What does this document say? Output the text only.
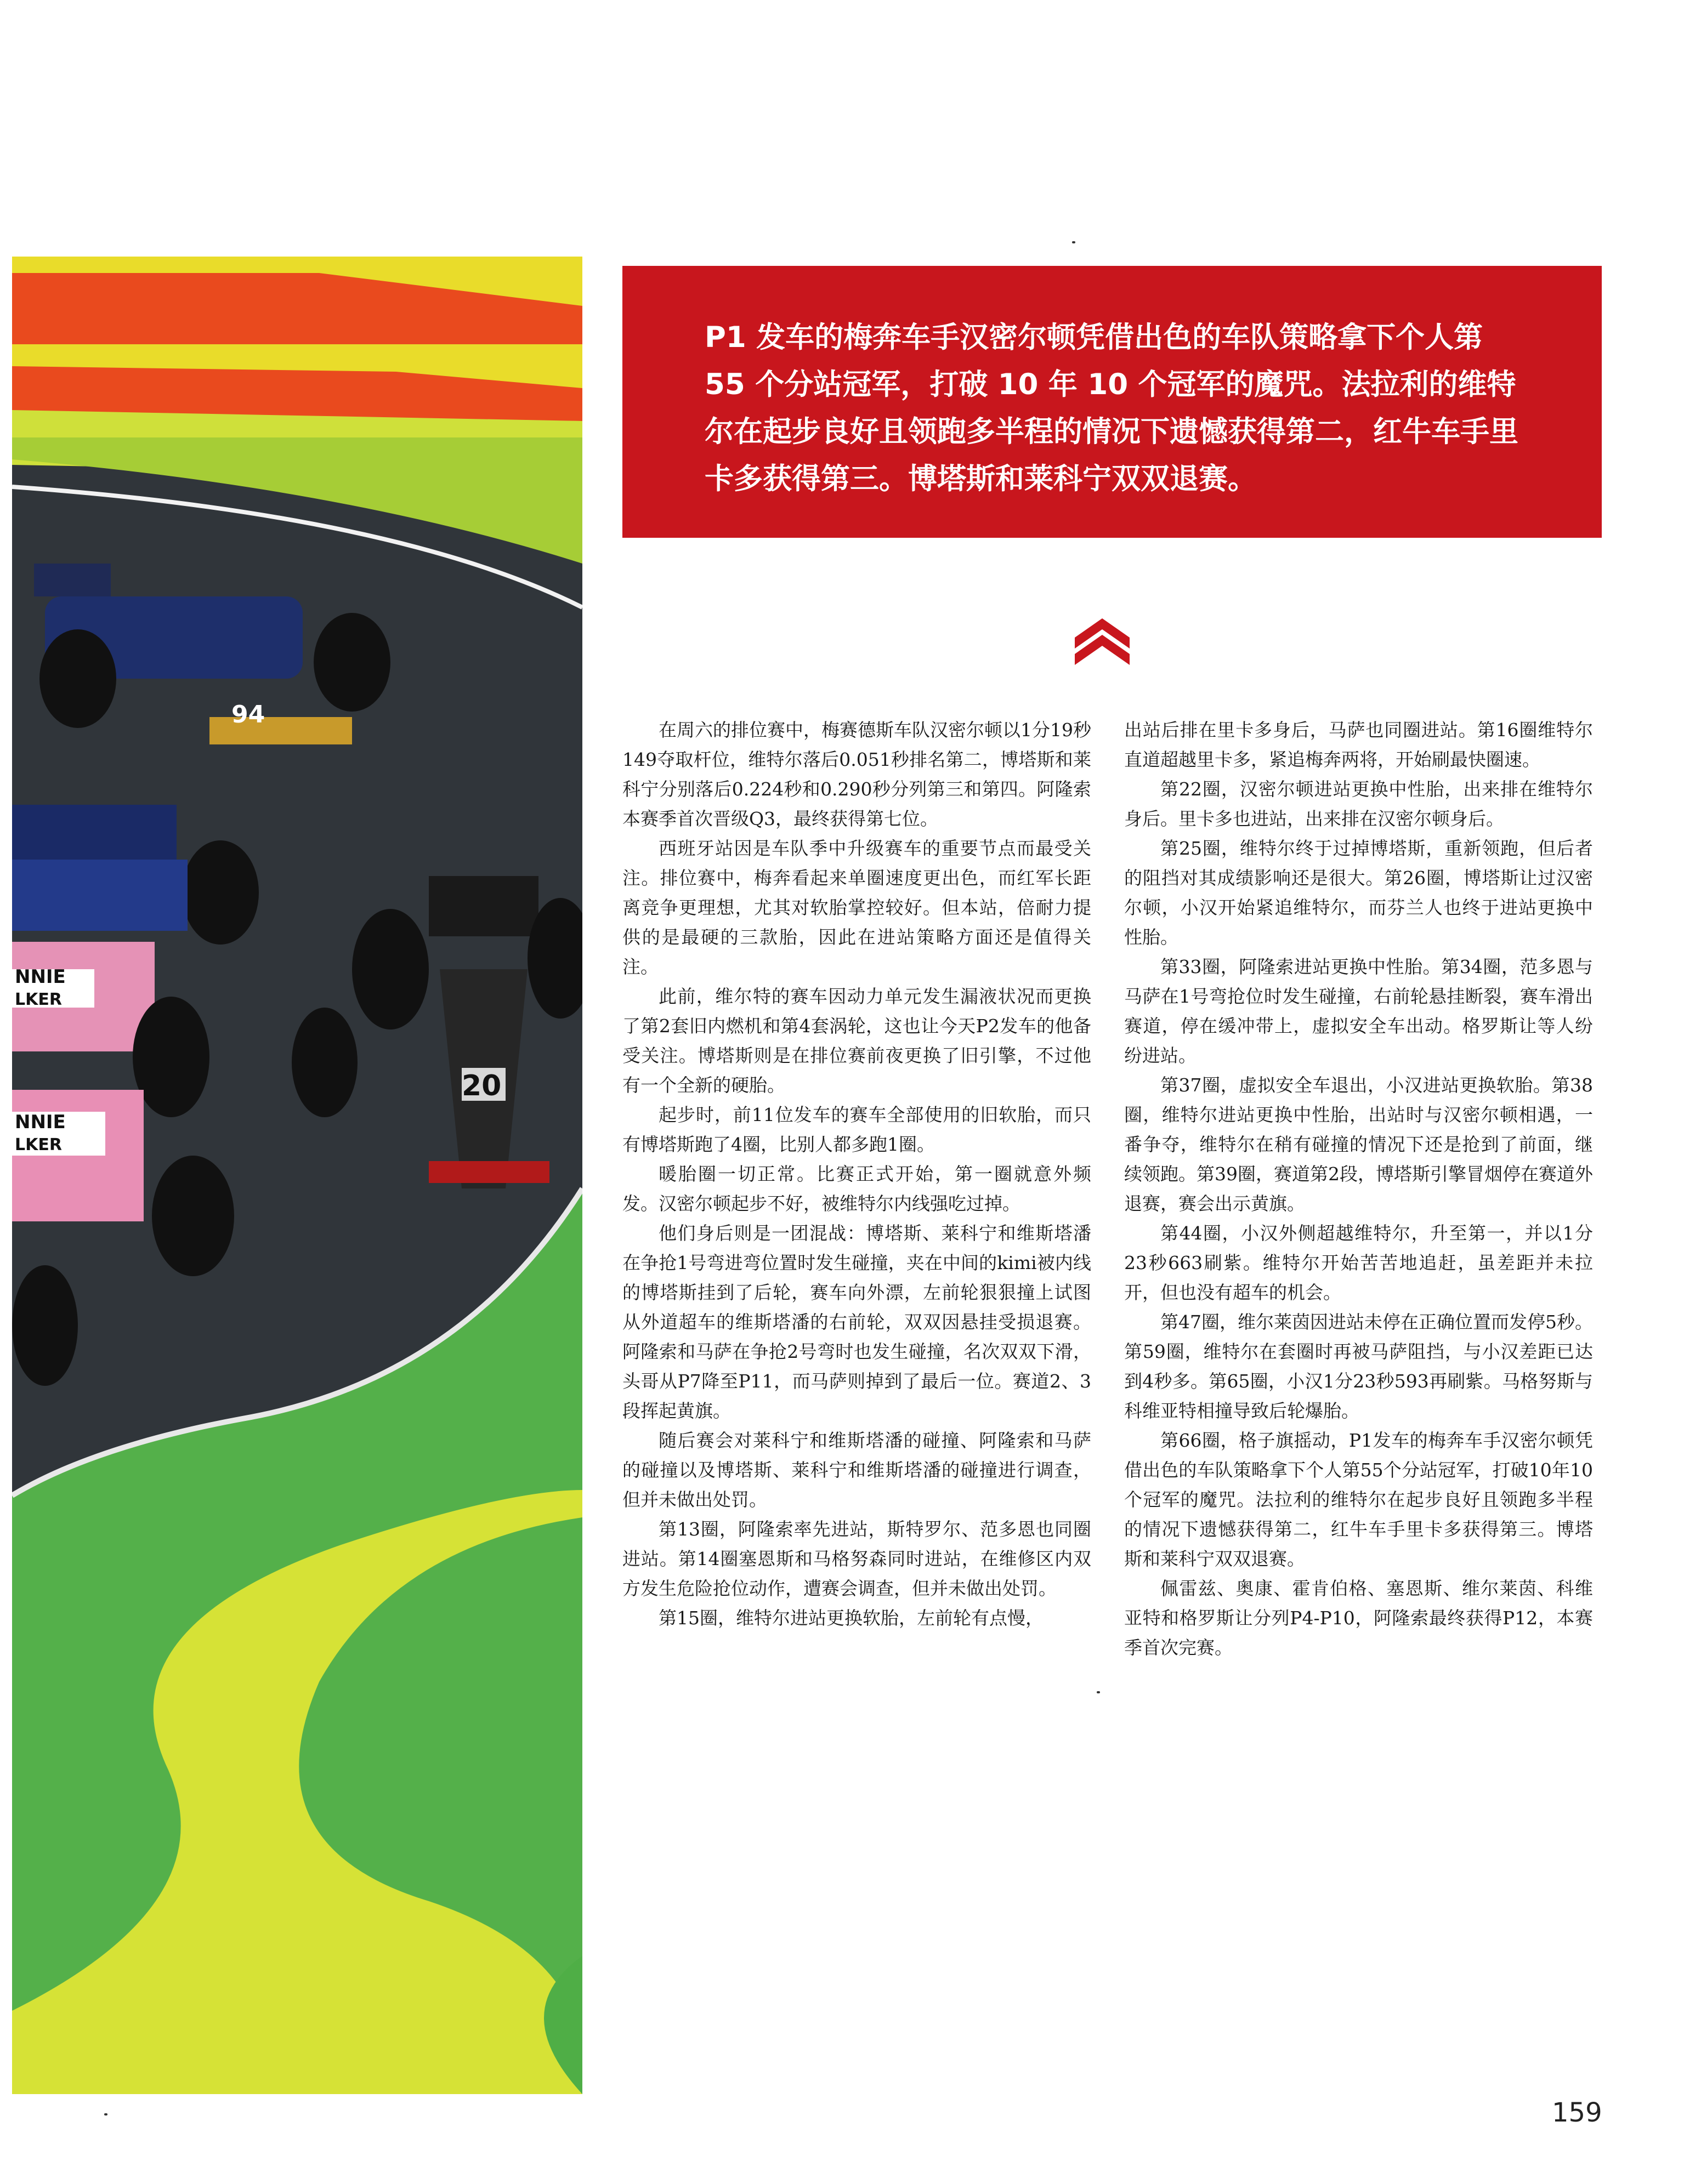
94
NNIE
LKER
NNIE
LKER
20

P1 发车的梅奔车手汉密尔顿凭借出色的车队策略拿下个人第 55 个分站冠军，打破 10 年 10 个冠军的魔咒。法拉利的维特尔在起步良好且领跑多半程的情况下遗憾获得第二，红牛车手里卡多获得第三。博塔斯和莱科宁双双退赛。

在周六的排位赛中，梅赛德斯车队汉密尔顿以1分19秒149夺取杆位，维特尔落后0.051秒排名第二，博塔斯和莱科宁分别落后0.224秒和0.290秒分列第三和第四。阿隆索本赛季首次晋级Q3，最终获得第七位。

西班牙站因是车队季中升级赛车的重要节点而最受关注。排位赛中，梅奔看起来单圈速度更出色，而红军长距离竞争更理想，尤其对软胎掌控较好。但本站，倍耐力提供的是最硬的三款胎，因此在进站策略方面还是值得关注。

此前，维尔特的赛车因动力单元发生漏液状况而更换了第2套旧内燃机和第4套涡轮，这也让今天P2发车的他备受关注。博塔斯则是在排位赛前夜更换了旧引擎，不过他有一个全新的硬胎。

起步时，前11位发车的赛车全部使用的旧软胎，而只有博塔斯跑了4圈，比别人都多跑1圈。

暖胎圈一切正常。比赛正式开始，第一圈就意外频发。汉密尔顿起步不好，被维特尔内线强吃过掉。

他们身后则是一团混战：博塔斯、莱科宁和维斯塔潘在争抢1号弯进弯位置时发生碰撞，夹在中间的kimi被内线的博塔斯挂到了后轮，赛车向外漂，左前轮狠狠撞上试图从外道超车的维斯塔潘的右前轮，双双因悬挂受损退赛。阿隆索和马萨在争抢2号弯时也发生碰撞，名次双双下滑，头哥从P7降至P11，而马萨则掉到了最后一位。赛道2、3段挥起黄旗。

随后赛会对莱科宁和维斯塔潘的碰撞、阿隆索和马萨的碰撞以及博塔斯、莱科宁和维斯塔潘的碰撞进行调查，但并未做出处罚。

第13圈，阿隆索率先进站，斯特罗尔、范多恩也同圈进站。第14圈塞恩斯和马格努森同时进站，在维修区内双方发生危险抢位动作，遭赛会调查，但并未做出处罚。

第15圈，维特尔进站更换软胎，左前轮有点慢，

出站后排在里卡多身后，马萨也同圈进站。第16圈维特尔直道超越里卡多，紧追梅奔两将，开始刷最快圈速。

第22圈，汉密尔顿进站更换中性胎，出来排在维特尔身后。里卡多也进站，出来排在汉密尔顿身后。

第25圈，维特尔终于过掉博塔斯，重新领跑，但后者的阻挡对其成绩影响还是很大。第26圈，博塔斯让过汉密尔顿，小汉开始紧追维特尔，而芬兰人也终于进站更换中性胎。

第33圈，阿隆索进站更换中性胎。第34圈，范多恩与马萨在1号弯抢位时发生碰撞，右前轮悬挂断裂，赛车滑出赛道，停在缓冲带上，虚拟安全车出动。格罗斯让等人纷纷进站。

第37圈，虚拟安全车退出，小汉进站更换软胎。第38圈，维特尔进站更换中性胎，出站时与汉密尔顿相遇，一番争夺，维特尔在稍有碰撞的情况下还是抢到了前面，继续领跑。第39圈，赛道第2段，博塔斯引擎冒烟停在赛道外退赛，赛会出示黄旗。

第44圈，小汉外侧超越维特尔，升至第一，并以1分23秒663刷紫。维特尔开始苦苦地追赶，虽差距并未拉开，但也没有超车的机会。

第47圈，维尔莱茵因进站未停在正确位置而发停5秒。第59圈，维特尔在套圈时再被马萨阻挡，与小汉差距已达到4秒多。第65圈，小汉1分23秒593再刷紫。马格努斯与科维亚特相撞导致后轮爆胎。

第66圈，格子旗摇动，P1发车的梅奔车手汉密尔顿凭借出色的车队策略拿下个人第55个分站冠军，打破10年10个冠军的魔咒。法拉利的维特尔在起步良好且领跑多半程的情况下遗憾获得第二，红牛车手里卡多获得第三。博塔斯和莱科宁双双退赛。

佩雷兹、奥康、霍肯伯格、塞恩斯、维尔莱茵、科维亚特和格罗斯让分列P4-P10，阿隆索最终获得P12，本赛季首次完赛。

159
